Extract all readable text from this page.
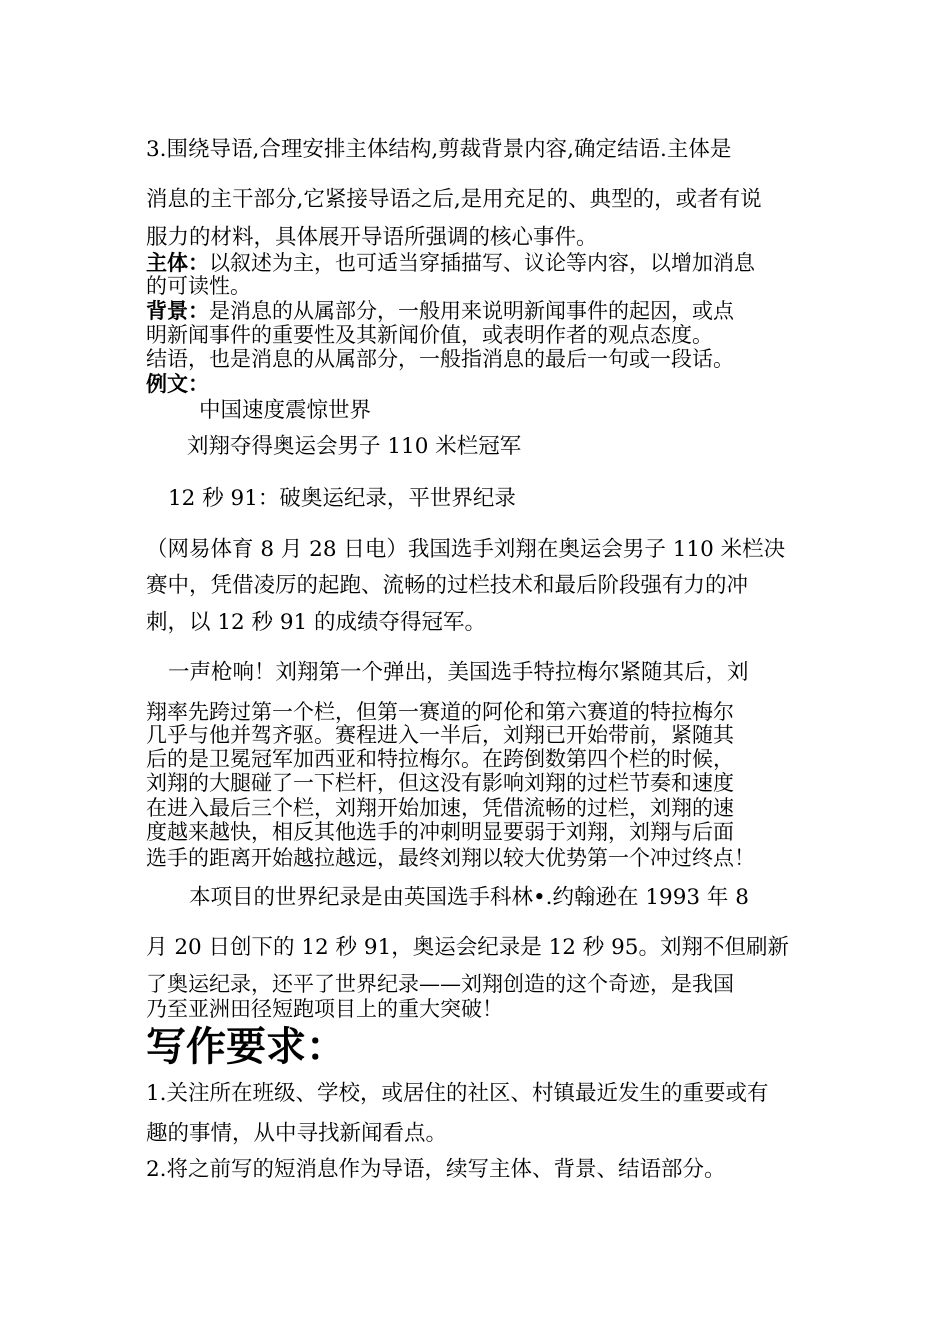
3.围绕导语,合理安排主体结构,剪裁背景内容,确定结语.主体是
消息的主干部分,它紧接导语之后,是用充足的、典型的，或者有说
服力的材料，具体展开导语所强调的核心事件。
主体：以叙述为主，也可适当穿插描写、议论等内容，以增加消息
的可读性。
背景：是消息的从属部分，一般用来说明新闻事件的起因，或点
明新闻事件的重要性及其新闻价值，或表明作者的观点态度。
结语，也是消息的从属部分，一般指消息的最后一句或一段话。
例文：
中国速度震惊世界
刘翔夺得奥运会男子 110 米栏冠军
12 秒 91：破奥运纪录，平世界纪录
（网易体育 8 月 28 日电）我国选手刘翔在奥运会男子 110 米栏决
赛中，凭借凌厉的起跑、流畅的过栏技术和最后阶段强有力的冲
刺，以 12 秒 91 的成绩夺得冠军。
一声枪响！刘翔第一个弹出，美国选手特拉梅尔紧随其后，刘
翔率先跨过第一个栏，但第一赛道的阿伦和第六赛道的特拉梅尔
几乎与他并驾齐驱。赛程进入一半后，刘翔已开始带前，紧随其
后的是卫冕冠军加西亚和特拉梅尔。在跨倒数第四个栏的时候，
刘翔的大腿碰了一下栏杆，但这没有影响刘翔的过栏节奏和速度
在进入最后三个栏，刘翔开始加速，凭借流畅的过栏，刘翔的速
度越来越快，相反其他选手的冲刺明显要弱于刘翔，刘翔与后面
选手的距离开始越拉越远，最终刘翔以较大优势第一个冲过终点！
本项目的世界纪录是由英国选手科林•.约翰逊在 1993 年 8
月 20 日创下的 12 秒 91，奥运会纪录是 12 秒 95。刘翔不但刷新
了奥运纪录，还平了世界纪录——刘翔创造的这个奇迹，是我国
乃至亚洲田径短跑项目上的重大突破！
写作要求：
1.关注所在班级、学校，或居住的社区、村镇最近发生的重要或有
趣的事情，从中寻找新闻看点。
2.将之前写的短消息作为导语，续写主体、背景、结语部分。
